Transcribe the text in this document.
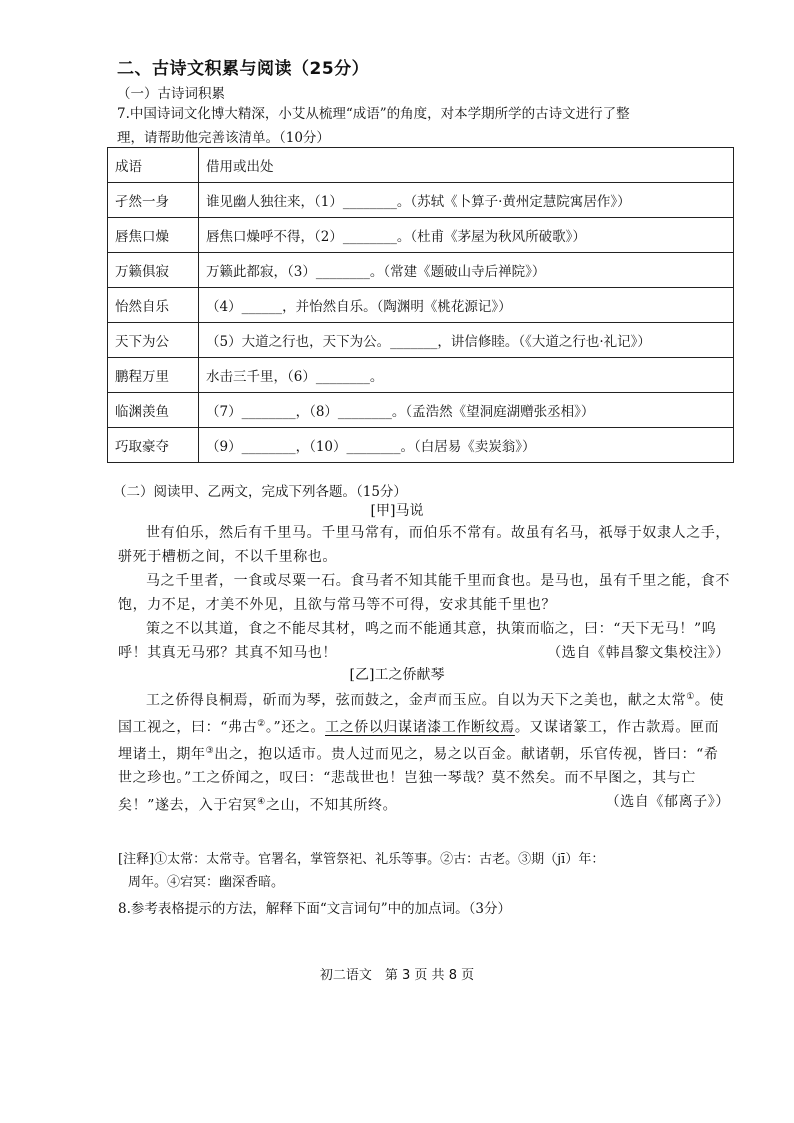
二、古诗文积累与阅读（25分）
（一）古诗词积累
7.中国诗词文化博大精深，小艾从梳理“成语”的角度，对本学期所学的古诗文进行了整
理，请帮助他完善该清单。（10分）
成语	借用或出处
孑然一身	谁见幽人独往来，（1）________。（苏轼《卜算子·黄州定慧院寓居作》）
唇焦口燥	唇焦口燥呼不得，（2）________。（杜甫《茅屋为秋风所破歌》）
万籁俱寂	万籁此都寂，（3）________。（常建《题破山寺后禅院》）
怡然自乐	（4）______，并怡然自乐。（陶渊明《桃花源记》）
天下为公	（5）大道之行也，天下为公。_______，讲信修睦。（《大道之行也·礼记》）
鹏程万里	水击三千里，（6）________。
临渊羡鱼	（7）________，（8）________。（孟浩然《望洞庭湖赠张丞相》）
巧取豪夺	（9）________，（10）________。（白居易《卖炭翁》）
（二）阅读甲、乙两文，完成下列各题。（15分）
[甲]马说

世有伯乐，然后有千里马。千里马常有，而伯乐不常有。故虽有名马，祇辱于奴隶人之手，骈死于槽枥之间，不以千里称也。

马之千里者，一食或尽粟一石。食马者不知其能千里而食也。是马也，虽有千里之能，食不饱，力不足，才美不外见，且欲与常马等不可得，安求其能千里也？

策之不以其道，食之不能尽其材，鸣之而不能通其意，执策而临之，曰：“天下无马！”呜呼！其真无马邪？其真不知马也！	（选自《韩昌黎文集校注》）

[乙]工之侨献琴

工之侨得良桐焉，斫而为琴，弦而鼓之，金声而玉应。自以为天下之美也，献之太常①。使国工视之，曰：“弗古②。”还之。工之侨以归谋诸漆工作断纹焉。又谋诸篆工，作古款焉。匣而埋诸土，期年③出之，抱以适市。贵人过而见之，易之以百金。献诸朝，乐官传视，皆曰：“希世之珍也。”工之侨闻之，叹曰：“悲哉世也！岂独一琴哉？莫不然矣。而不早图之，其与亡矣！”遂去，入于宕冥④之山，不知其所终。	（选自《郁离子》）

[注释]①太常：太常寺。官署名，掌管祭祀、礼乐等事。②古：古老。③期（jī）年：
周年。④宕冥：幽深香暗。
8.参考表格提示的方法，解释下面“文言词句”中的加点词。（3分）
初二语文　第 3 页 共 8 页
